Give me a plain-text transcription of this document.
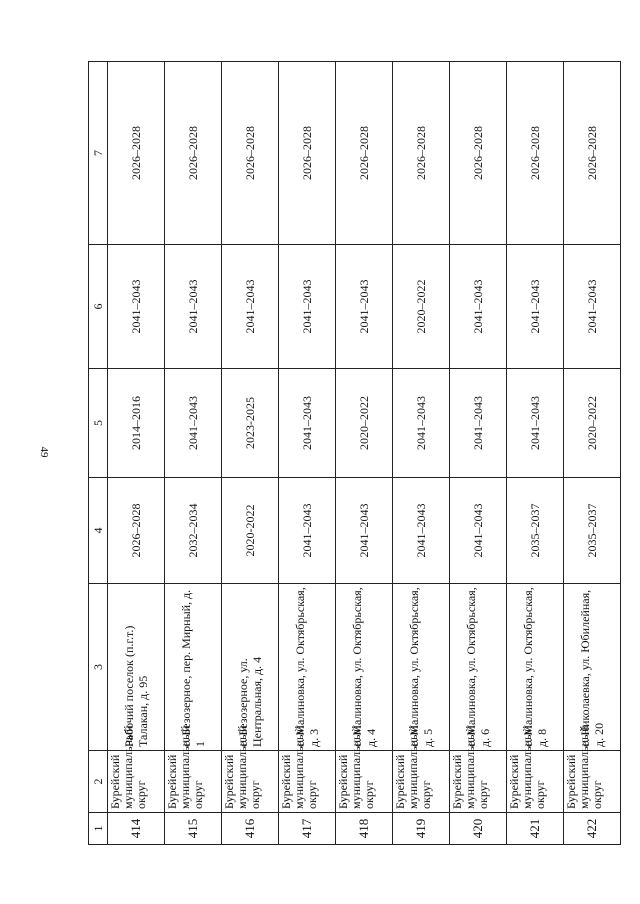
49
1	2	3	4	5	6	7
414	Бурейский муниципальный округ	Рабочий поселок (п.г.т.) Талакан, д. 95	2026–2028	2014–2016	2041–2043	2026–2028
415	Бурейский муниципальный округ	с. Безозерное, пер. Мирный, д. 1	2032–2034	2041–2043	2041–2043	2026–2028
416	Бурейский муниципальный округ	с. Безозерное, ул. Центральная, д. 4	2020-2022	2023-2025	2041–2043	2026–2028
417	Бурейский муниципальный округ	с. Малиновка, ул. Октябрьская, д. 3	2041–2043	2041–2043	2041–2043	2026–2028
418	Бурейский муниципальный округ	с. Малиновка, ул. Октябрьская, д. 4	2041–2043	2020–2022	2041–2043	2026–2028
419	Бурейский муниципальный округ	с. Малиновка, ул. Октябрьская, д. 5	2041–2043	2041–2043	2020–2022	2026–2028
420	Бурейский муниципальный округ	с. Малиновка, ул. Октябрьская, д. 6	2041–2043	2041–2043	2041–2043	2026–2028
421	Бурейский муниципальный округ	с. Малиновка, ул. Октябрьская, д. 8	2035–2037	2041–2043	2041–2043	2026–2028
422	Бурейский муниципальный округ	с. Николаевка, ул. Юбилейная, д. 20	2035–2037	2020–2022	2041–2043	2026–2028
